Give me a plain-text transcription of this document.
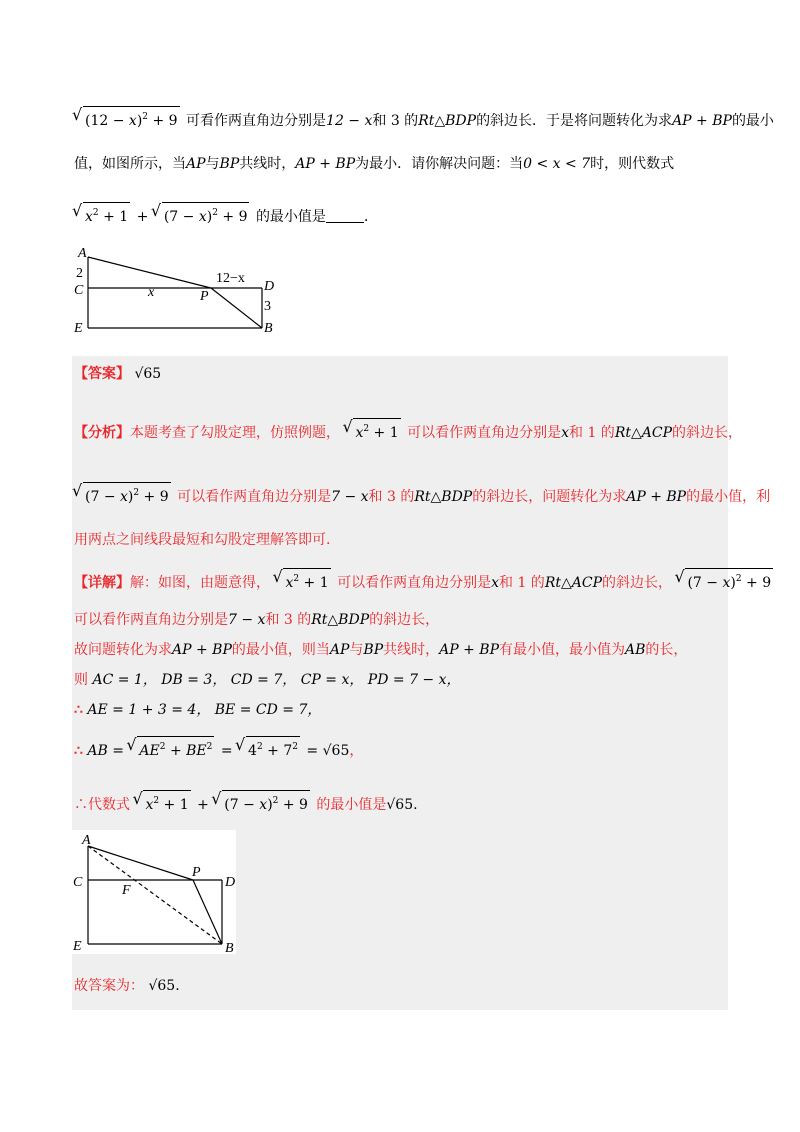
√ $(12 - x)^2 + 9$ 可看作两直角边分别是12 − x和 3 的Rt△BDP的斜边长．于是将问题转化为求AP + BP的最小
值，如图所示，当AP与BP共线时，AP + BP为最小．请你解决问题：当0 < x < 7时，则代数式
√ $x^2 + 1$ + √ $(7 - x)^2 + 9$ 的最小值是	．
A
C
E
P
D
B
x
12−x
2
3
【答案】 √65
【分析】本题考查了勾股定理，仿照例题， √ $x^2 + 1$ 可以看作两直角边分别是x和 1 的Rt△ACP的斜边长，
√ $(7 - x)^2 + 9$ 可以看作两直角边分别是7 − x和 3 的Rt△BDP的斜边长，问题转化为求AP + BP的最小值，利
用两点之间线段最短和勾股定理解答即可.
【详解】解：如图，由题意得， √ $x^2 + 1$ 可以看作两直角边分别是x和 1 的Rt△ACP的斜边长， √ $(7 - x)^2 + 9$
可以看作两直角边分别是7 − x和 3 的Rt△BDP的斜边长，
故问题转化为求AP + BP的最小值，则当AP与BP共线时，AP + BP有最小值，最小值为AB的长，
则 AC = 1， DB = 3， CD = 7， CP = x， PD = 7 − x，
∴ AE = 1 + 3 = 4， BE = CD = 7，
∴ AB = √ $AE^2 + BE^2$ = √ $4^2 + 7^2 = √65$，
∴代数式 √ $x^2 + 1$ + √ $(7 - x)^2 + 9$ 的最小值是√65.
A
C
E
P
D
B
F
故答案为： √65.
